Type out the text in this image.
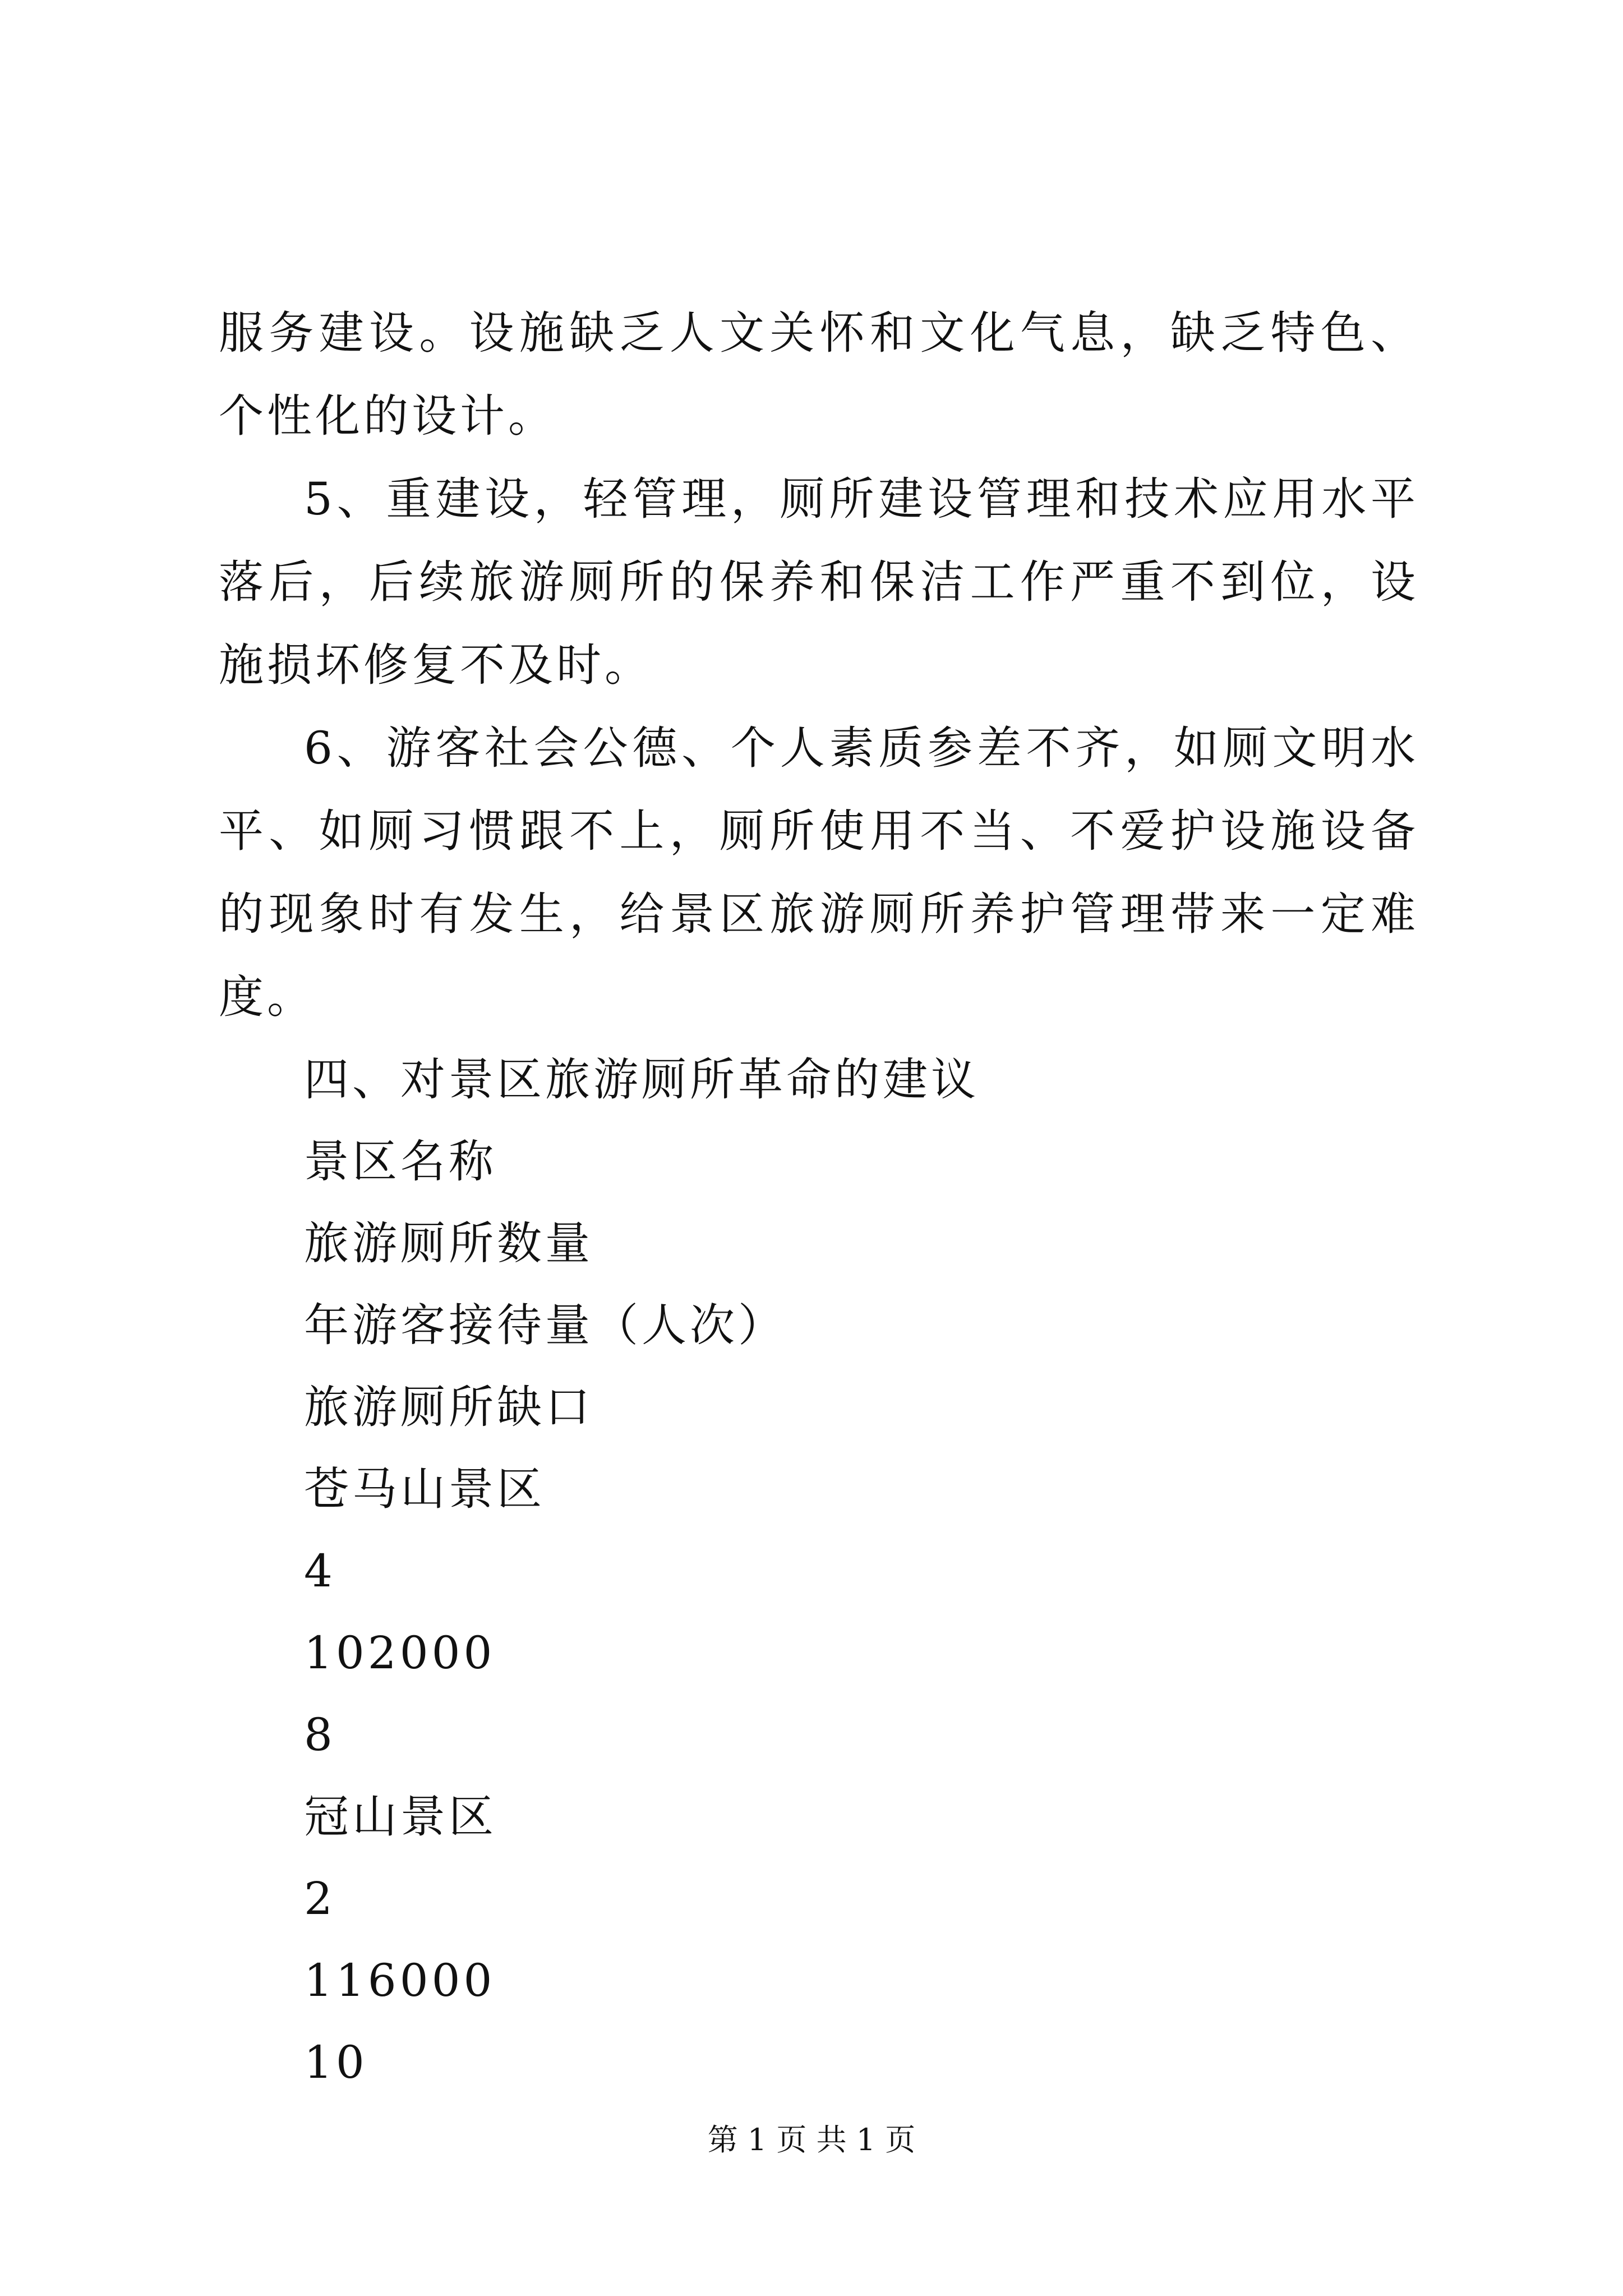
服务建设。设施缺乏人文关怀和文化气息，缺乏特色、个性化的设计。

5、重建设，轻管理，厕所建设管理和技术应用水平落后，后续旅游厕所的保养和保洁工作严重不到位，设施损坏修复不及时。

6、游客社会公德、个人素质参差不齐，如厕文明水平、如厕习惯跟不上，厕所使用不当、不爱护设施设备的现象时有发生，给景区旅游厕所养护管理带来一定难度。

四、对景区旅游厕所革命的建议

景区名称

旅游厕所数量

年游客接待量（人次）

旅游厕所缺口

苍马山景区

4

102000

8

冠山景区

2

116000

10

第 1 页 共 1 页
